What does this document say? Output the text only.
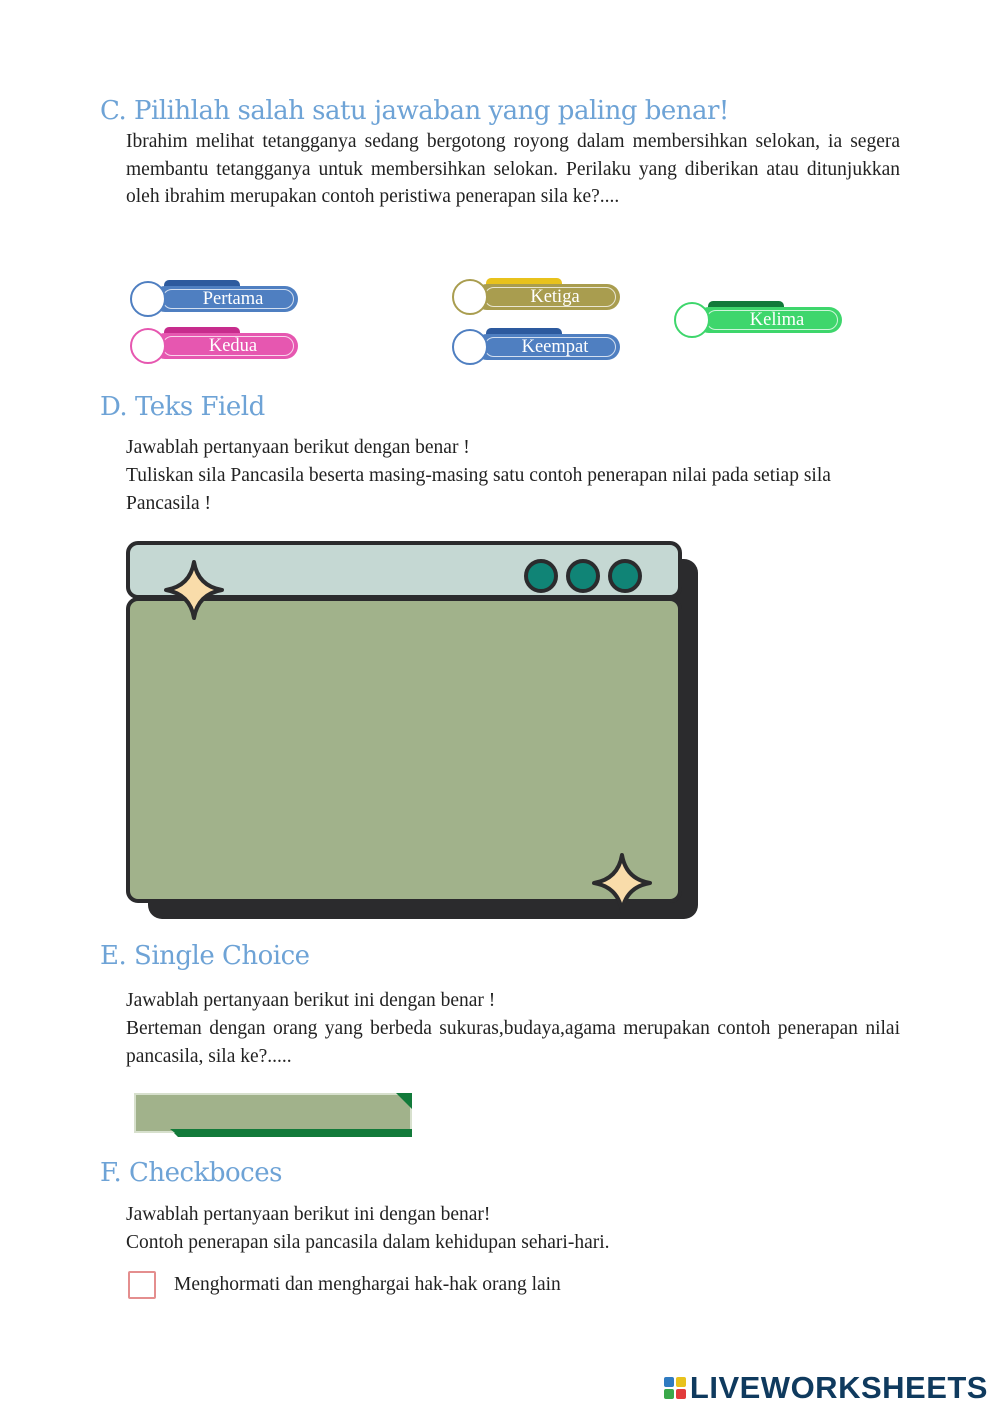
C. Pilihlah salah satu jawaban yang paling benar!
Ibrahim melihat tetangganya sedang bergotong royong dalam membersihkan selokan, ia segera membantu tetangganya untuk membersihkan selokan. Perilaku yang diberikan atau ditunjukkan oleh ibrahim merupakan contoh peristiwa penerapan sila ke?....
Pertama
Kedua
Ketiga
Keempat
Kelima
D. Teks Field
Jawablah pertanyaan berikut dengan benar !
Tuliskan sila Pancasila beserta masing-masing satu contoh penerapan nilai pada setiap sila Pancasila !
E. Single Choice
Jawablah pertanyaan berikut ini dengan benar !
Berteman dengan orang yang berbeda sukuras,budaya,agama merupakan contoh penerapan nilai pancasila, sila ke?.....
F. Checkboces
Jawablah pertanyaan berikut ini dengan benar!
Contoh penerapan sila pancasila dalam kehidupan sehari-hari.
Menghormati dan menghargai hak-hak orang lain
LIVEWORKSHEETS
